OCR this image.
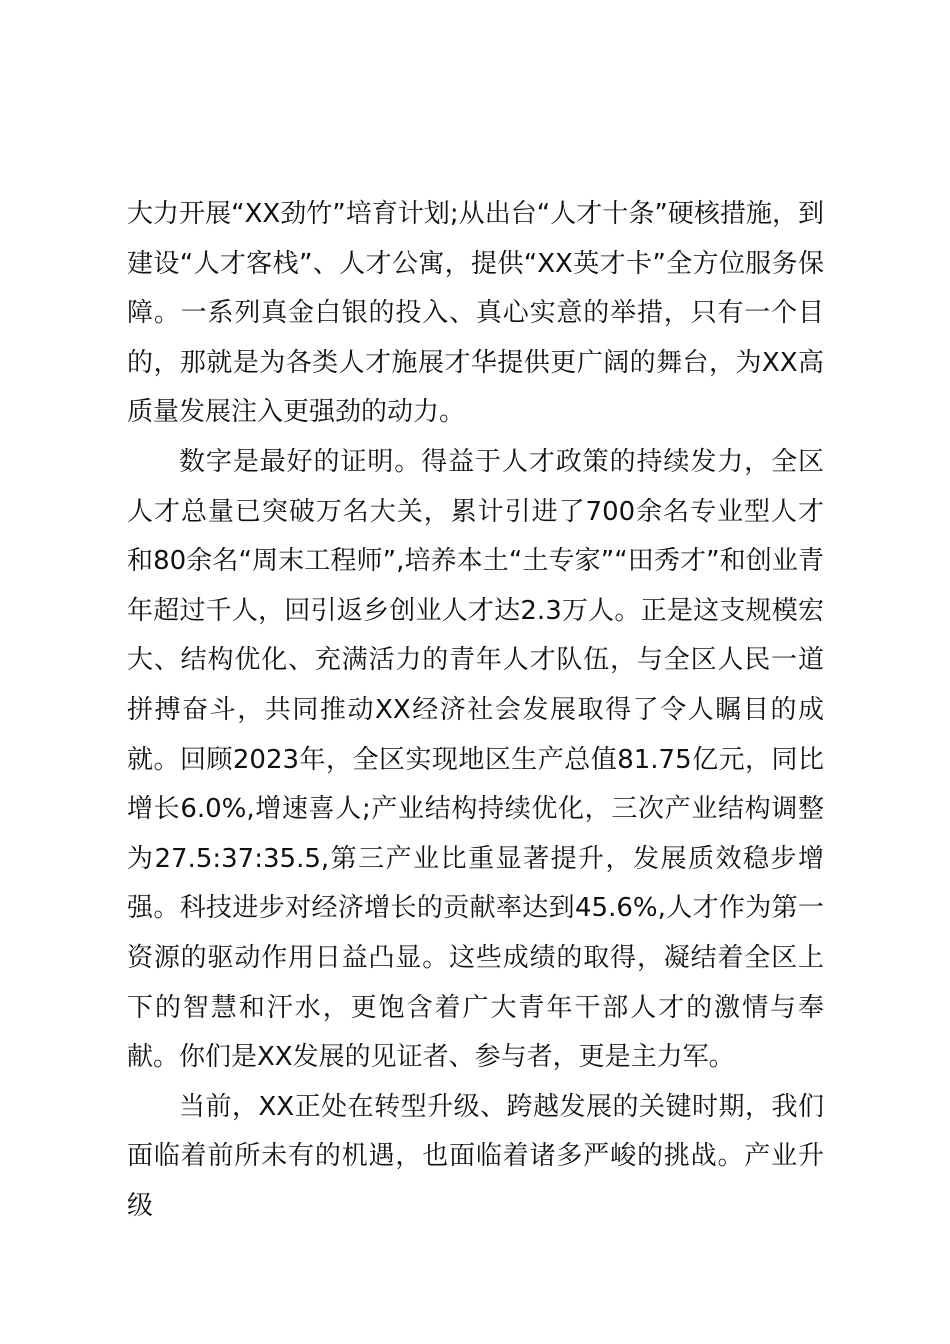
大力开展“XX劲竹”培育计划;从出台“人才十条”硬核措施，到建设“人才客栈”、人才公寓，提供“XX英才卡”全方位服务保障。一系列真金白银的投入、真心实意的举措，只有一个目的，那就是为各类人才施展才华提供更广阔的舞台，为XX高质量发展注入更强劲的动力。

数字是最好的证明。得益于人才政策的持续发力，全区人才总量已突破万名大关，累计引进了700余名专业型人才和80余名“周末工程师”,培养本土“土专家”“田秀才”和创业青年超过千人，回引返乡创业人才达2.3万人。正是这支规模宏大、结构优化、充满活力的青年人才队伍，与全区人民一道拼搏奋斗，共同推动XX经济社会发展取得了令人瞩目的成就。回顾2023年，全区实现地区生产总值81.75亿元，同比增长6.0%,增速喜人;产业结构持续优化，三次产业结构调整为27.5:37:35.5,第三产业比重显著提升，发展质效稳步增强。科技进步对经济增长的贡献率达到45.6%,人才作为第一资源的驱动作用日益凸显。这些成绩的取得，凝结着全区上下的智慧和汗水，更饱含着广大青年干部人才的激情与奉献。你们是XX发展的见证者、参与者，更是主力军。

当前，XX正处在转型升级、跨越发展的关键时期，我们面临着前所未有的机遇，也面临着诸多严峻的挑战。产业升级
